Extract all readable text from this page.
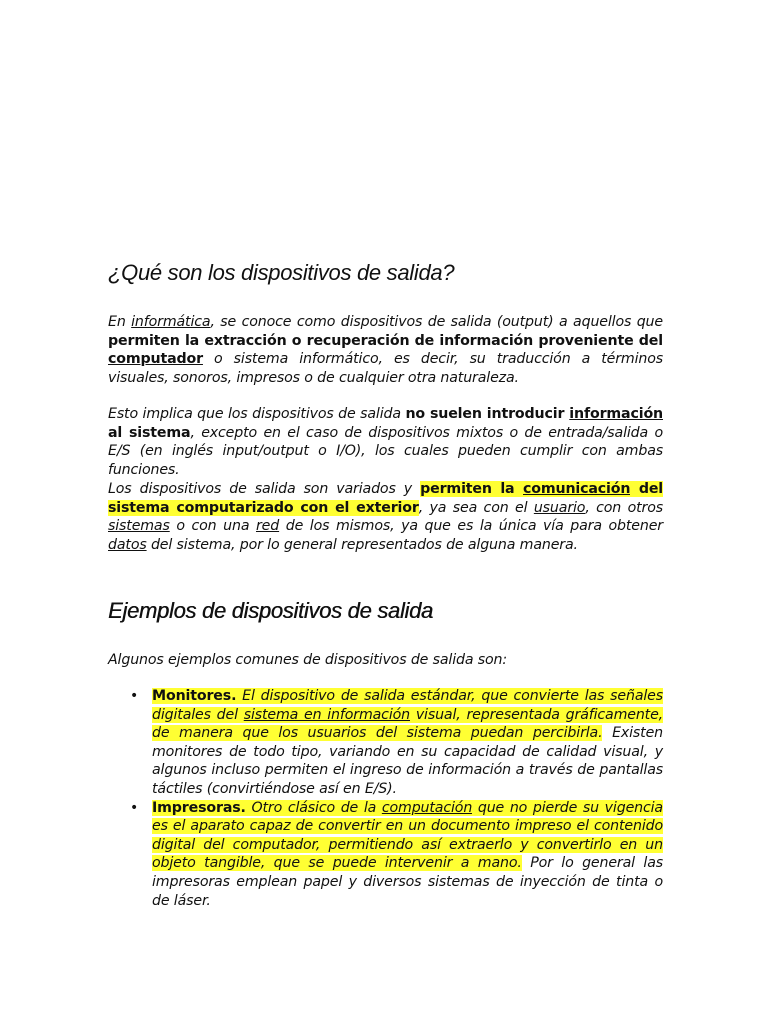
¿Qué son los dispositivos de salida?

En informática, se conoce como dispositivos de salida (output) a aquellos que permiten la extracción o recuperación de información proveniente del computador o sistema informático, es decir, su traducción a términos visuales, sonoros, impresos o de cualquier otra naturaleza.

Esto implica que los dispositivos de salida no suelen introducir información al sistema, excepto en el caso de dispositivos mixtos o de entrada/salida o E/S (en inglés input/output o I/O), los cuales pueden cumplir con ambas funciones.

Los dispositivos de salida son variados y permiten la comunicación del sistema computarizado con el exterior, ya sea con el usuario, con otros sistemas o con una red de los mismos, ya que es la única vía para obtener datos del sistema, por lo general representados de alguna manera.

Ejemplos de dispositivos de salida

Algunos ejemplos comunes de dispositivos de salida son:

• Monitores. El dispositivo de salida estándar, que convierte las señales digitales del sistema en información visual, representada gráficamente, de manera que los usuarios del sistema puedan percibirla. Existen monitores de todo tipo, variando en su capacidad de calidad visual, y algunos incluso permiten el ingreso de información a través de pantallas táctiles (convirtiéndose así en E/S).
• Impresoras. Otro clásico de la computación que no pierde su vigencia es el aparato capaz de convertir en un documento impreso el contenido digital del computador, permitiendo así extraerlo y convertirlo en un objeto tangible, que se puede intervenir a mano. Por lo general las impresoras emplean papel y diversos sistemas de inyección de tinta o de láser.
